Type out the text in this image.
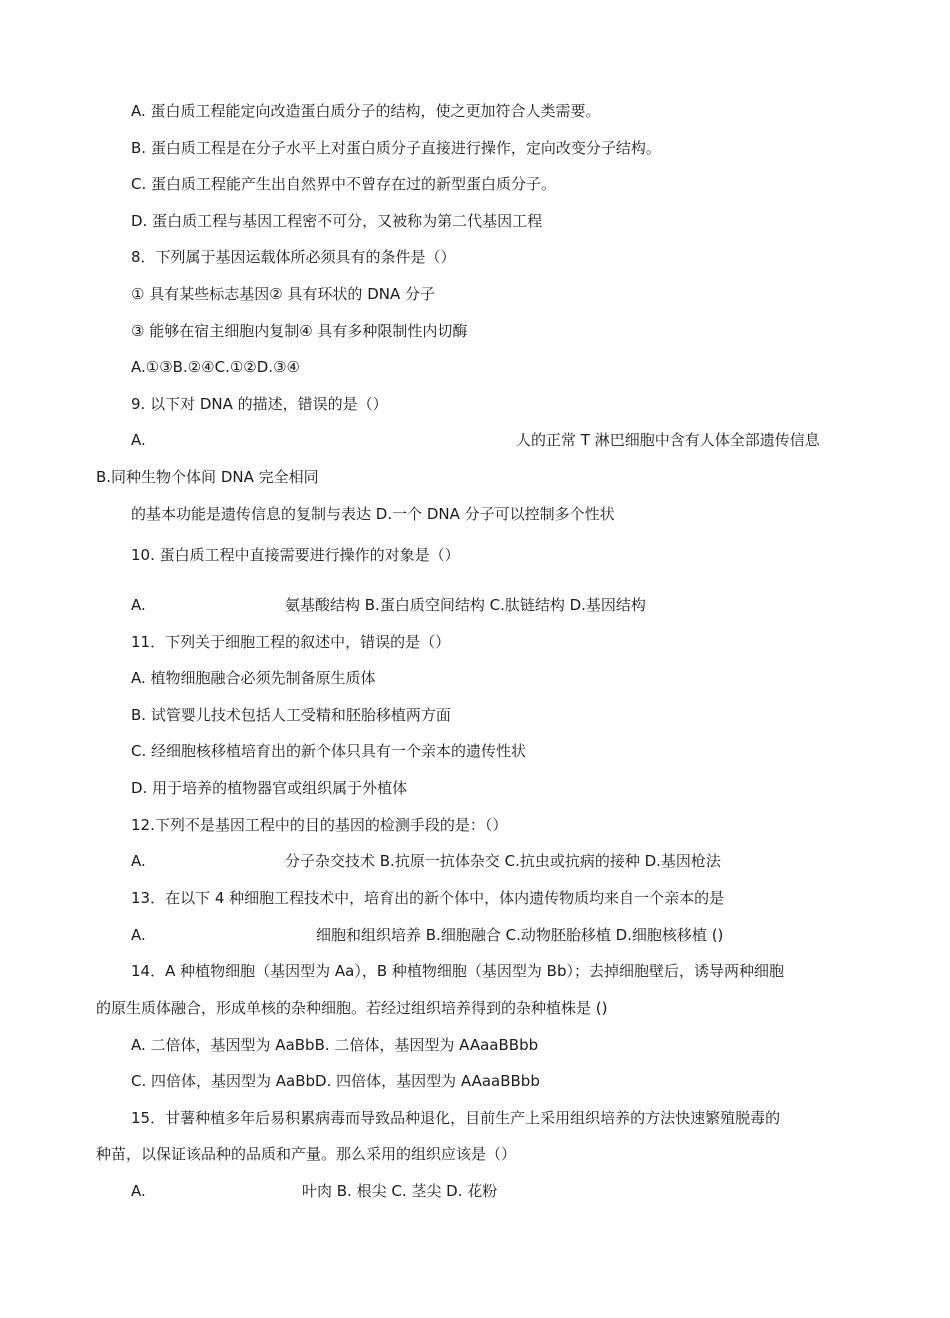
A. 蛋白质工程能定向改造蛋白质分子的结构，使之更加符合人类需要。
B. 蛋白质工程是在分子水平上对蛋白质分子直接进行操作，定向改变分子结构。
C. 蛋白质工程能产生出自然界中不曾存在过的新型蛋白质分子。
D. 蛋白质工程与基因工程密不可分，又被称为第二代基因工程
8．下列属于基因运载体所必须具有的条件是（）
① 具有某些标志基因② 具有环状的 DNA 分子
③ 能够在宿主细胞内复制④ 具有多种限制性内切酶
A.①③B.②④C.①②D.③④
9. 以下对 DNA 的描述，错误的是（）
A.	人的正常 T 淋巴细胞中含有人体全部遗传信息
B.同种生物个体间 DNA 完全相同
的基本功能是遗传信息的复制与表达 D.一个 DNA 分子可以控制多个性状
10. 蛋白质工程中直接需要进行操作的对象是（）
A.	氨基酸结构 B.蛋白质空间结构 C.肽链结构 D.基因结构
11．下列关于细胞工程的叙述中，错误的是（）
A. 植物细胞融合必须先制备原生质体
B. 试管婴儿技术包括人工受精和胚胎移植两方面
C. 经细胞核移植培育出的新个体只具有一个亲本的遗传性状
D. 用于培养的植物器官或组织属于外植体
12.下列不是基因工程中的目的基因的检测手段的是：（）
A.	分子杂交技术 B.抗原一抗体杂交 C.抗虫或抗病的接种 D.基因枪法
13．在以下 4 种细胞工程技术中，培育出的新个体中，体内遗传物质均来自一个亲本的是
A.	细胞和组织培养 B.细胞融合 C.动物胚胎移植 D.细胞核移植 ()
14．A 种植物细胞（基因型为 Aa），B 种植物细胞（基因型为 Bb）；去掉细胞壁后，诱导两种细胞
的原生质体融合，形成单核的杂种细胞。若经过组织培养得到的杂种植株是 ()
A. 二倍体，基因型为 AaBbB. 二倍体，基因型为 AAaaBBbb
C. 四倍体，基因型为 AaBbD. 四倍体，基因型为 AAaaBBbb
15．甘薯种植多年后易积累病毒而导致品种退化，目前生产上采用组织培养的方法快速繁殖脱毒的
种苗，以保证该品种的品质和产量。那么采用的组织应该是（）
A.	叶肉 B. 根尖 C. 茎尖 D. 花粉
